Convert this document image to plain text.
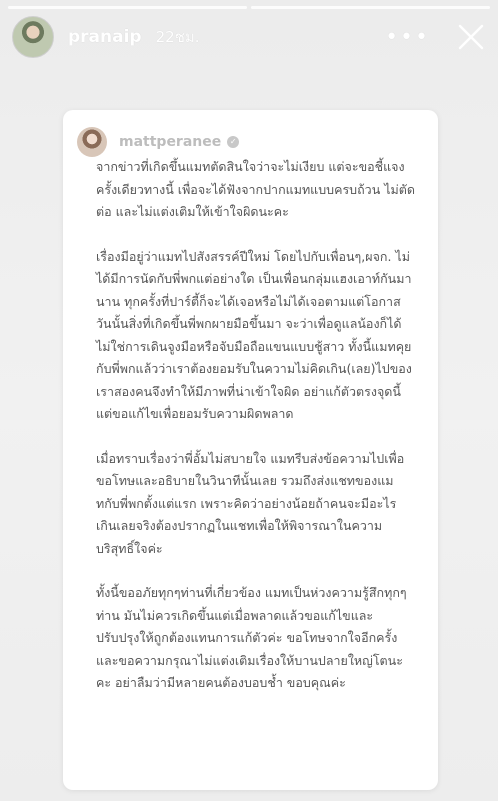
pranaip 22ชม.	•••
mattperanee	✓

จากข่าวที่เกิดขึ้นแมทตัดสินใจว่าจะไม่เงียบ แต่จะขอชี้แจงครั้งเดียวทางนี้ เพื่อจะได้ฟังจากปากแมทแบบครบถ้วน ไม่ตัดต่อ และไม่แต่งเติมให้เข้าใจผิดนะคะ

เรื่องมีอยู่ว่าแมทไปสังสรรค์ปีใหม่ โดยไปกับเพื่อนๆ,ผจก. ไม่ได้มีการนัดกับพี่พกแต่อย่างใด เป็นเพื่อนกลุ่มแฮงเอาท์กันมานาน ทุกครั้งที่ปาร์ตี้ก็จะได้เจอหรือไม่ได้เจอตามแต่โอกาส วันนั้นสิ่งที่เกิดขึ้นพี่พกผายมือขึ้นมา จะว่าเพื่อดูแลน้องก็ได้ ไม่ใช่การเดินจูงมือหรือจับมือถือแขนแบบชู้สาว ทั้งนี้แมทคุยกับพี่พกแล้วว่าเราต้องยอมรับในความไม่คิดเกิน(เลย)ไปของเราสองคนจึงทำให้มีภาพที่น่าเข้าใจผิด อย่าแก้ตัวตรงจุดนี้ แต่ขอแก้ไขเพื่อยอมรับความผิดพลาด

เมื่อทราบเรื่องว่าพี่อั้มไม่สบายใจ แมทรีบส่งข้อความไปเพื่อขอโทษและอธิบายในวินาทีนั้นเลย รวมถึงส่งแชทของแมทกับพี่พกตั้งแต่แรก เพราะคิดว่าอย่างน้อยถ้าคนจะมีอะไรเกินเลยจริงต้องปรากฏในแชทเพื่อให้พิจารณาในความบริสุทธิ์ใจค่ะ

ทั้งนี้ขออภัยทุกๆท่านที่เกี่ยวข้อง แมทเป็นห่วงความรู้สึกทุกๆท่าน มันไม่ควรเกิดขึ้นแต่เมื่อพลาดแล้วขอแก้ไขและปรับปรุงให้ถูกต้องแทนการแก้ตัวค่ะ ขอโทษจากใจอีกครั้ง และขอความกรุณาไม่แต่งเติมเรื่องให้บานปลายใหญ่โตนะคะ อย่าลืมว่ามีหลายคนต้องบอบช้ำ ขอบคุณค่ะ
